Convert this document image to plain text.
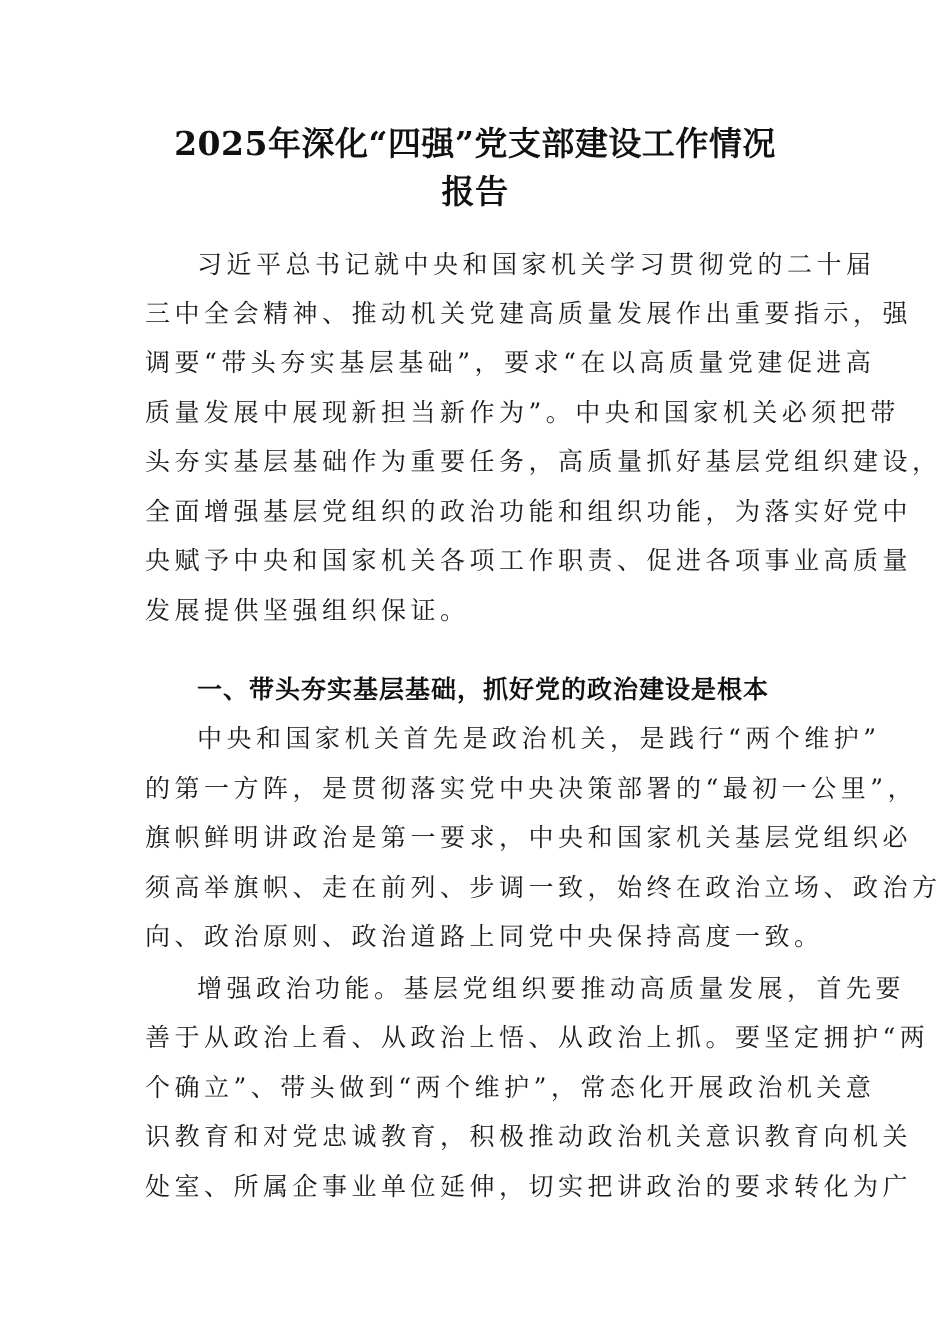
2025年深化“四强”党支部建设工作情况
报告
习近平总书记就中央和国家机关学习贯彻党的二十届
三中全会精神、推动机关党建高质量发展作出重要指示，强
调要“带头夯实基层基础”，要求“在以高质量党建促进高
质量发展中展现新担当新作为”。中央和国家机关必须把带
头夯实基层基础作为重要任务，高质量抓好基层党组织建设，
全面增强基层党组织的政治功能和组织功能，为落实好党中
央赋予中央和国家机关各项工作职责、促进各项事业高质量
发展提供坚强组织保证。
一、带头夯实基层基础，抓好党的政治建设是根本
中央和国家机关首先是政治机关，是践行“两个维护”
的第一方阵，是贯彻落实党中央决策部署的“最初一公里”，
旗帜鲜明讲政治是第一要求，中央和国家机关基层党组织必
须高举旗帜、走在前列、步调一致，始终在政治立场、政治方
向、政治原则、政治道路上同党中央保持高度一致。
增强政治功能。基层党组织要推动高质量发展，首先要
善于从政治上看、从政治上悟、从政治上抓。要坚定拥护“两
个确立”、带头做到“两个维护”，常态化开展政治机关意
识教育和对党忠诚教育，积极推动政治机关意识教育向机关
处室、所属企事业单位延伸，切实把讲政治的要求转化为广
